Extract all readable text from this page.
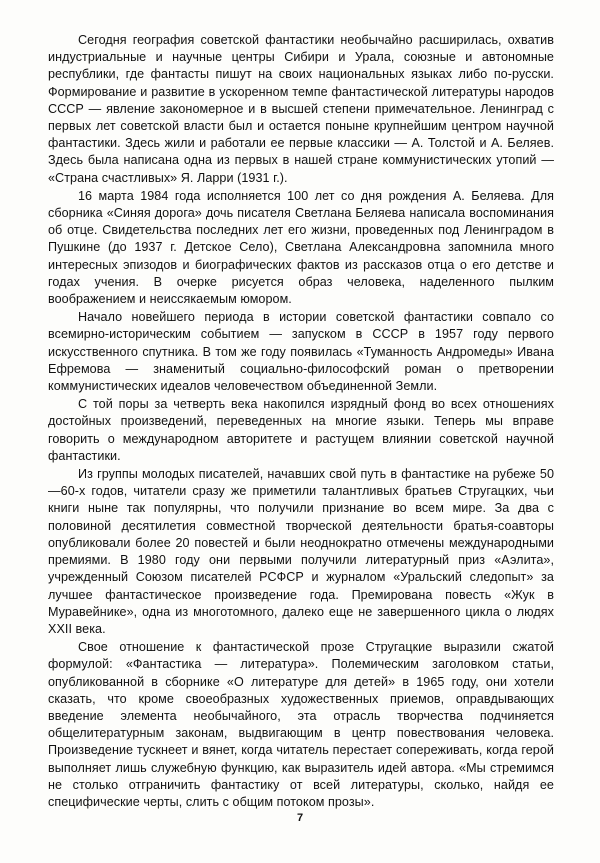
Сегодня география советской фантастики необычайно расширилась, охватив индустриальные и научные центры Сибири и Урала, союзные и автономные республики, где фантасты пишут на своих национальных языках либо по-русски. Формирование и развитие в ускоренном темпе фантастической литературы народов СССР — явление закономерное и в высшей степени примечательное. Ленинград с первых лет советской власти был и остается поныне крупнейшим центром научной фантастики. Здесь жили и работали ее первые классики — А. Толстой и А. Беляев. Здесь была написана одна из первых в нашей стране коммунистических утопий — «Страна счастливых» Я. Ларри (1931 г.).

16 марта 1984 года исполняется 100 лет со дня рождения А. Беляева. Для сборника «Синяя дорога» дочь писателя Светлана Беляева написала воспоминания об отце. Свидетельства последних лет его жизни, проведенных под Ленинградом в Пушкине (до 1937 г. Детское Село), Светлана Александровна запомнила много интересных эпизодов и биографических фактов из рассказов отца о его детстве и годах учения. В очерке рисуется образ человека, наделенного пылким воображением и неиссякаемым юмором.

Начало новейшего периода в истории советской фантастики совпало со всемирно-историческим событием — запуском в СССР в 1957 году первого искусственного спутника. В том же году появилась «Туманность Андромеды» Ивана Ефремова — знаменитый социально-философский роман о претворении коммунистических идеалов человечеством объединенной Земли.

С той поры за четверть века накопился изрядный фонд во всех отношениях достойных произведений, переведенных на многие языки. Теперь мы вправе говорить о международном авторитете и растущем влиянии советской научной фантастики.

Из группы молодых писателей, начавших свой путь в фантастике на рубеже 50—60-х годов, читатели сразу же приметили талантливых братьев Стругацких, чьи книги ныне так популярны, что получили признание во всем мире. За два с половиной десятилетия совместной творческой деятельности братья-соавторы опубликовали более 20 повестей и были неоднократно отмечены международными премиями. В 1980 году они первыми получили литературный приз «Аэлита», учрежденный Союзом писателей РСФСР и журналом «Уральский следопыт» за лучшее фантастическое произведение года. Премирована повесть «Жук в Муравейнике», одна из многотомного, далеко еще не завершенного цикла о людях XXII века.

Свое отношение к фантастической прозе Стругацкие выразили сжатой формулой: «Фантастика — литература». Полемическим заголовком статьи, опубликованной в сборнике «О литературе для детей» в 1965 году, они хотели сказать, что кроме своеобразных художественных приемов, оправдывающих введение элемента необычайного, эта отрасль творчества подчиняется общелитературным законам, выдвигающим в центр повествования человека. Произведение тускнеет и вянет, когда читатель перестает сопереживать, когда герой выполняет лишь служебную функцию, как выразитель идей автора. «Мы стремимся не столько отграничить фантастику от всей литературы, сколько, найдя ее специфические черты, слить с общим потоком прозы».

7
